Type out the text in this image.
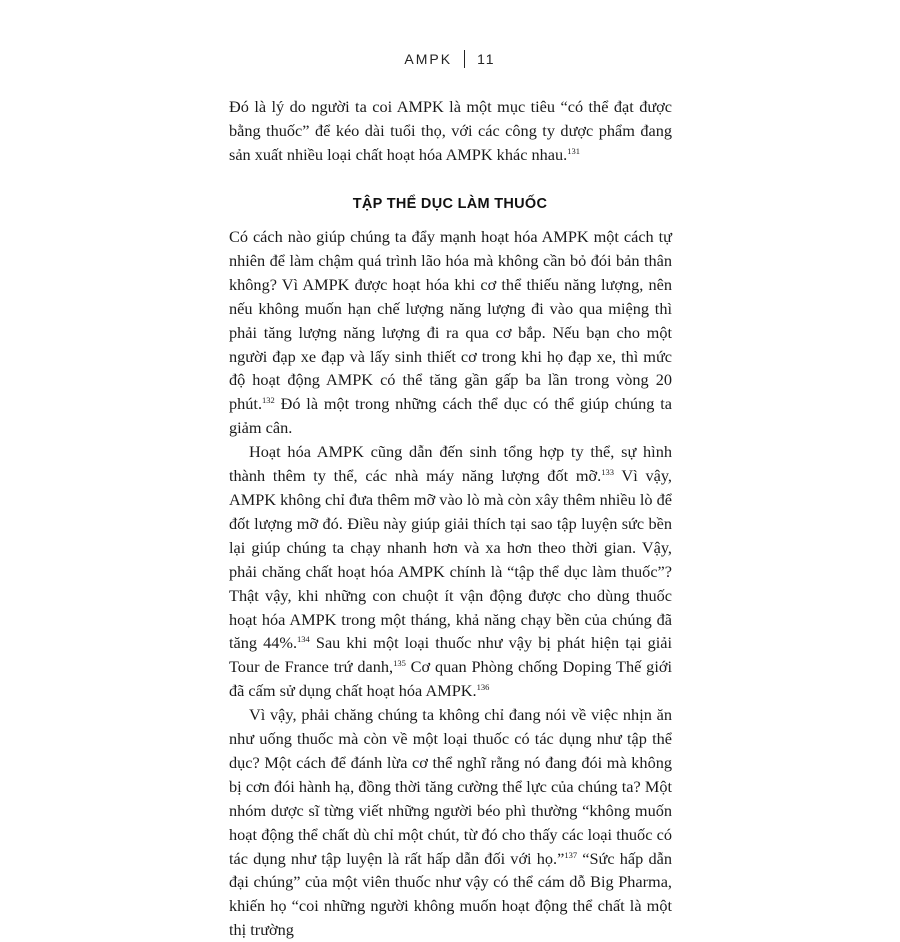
AMPK 11

Đó là lý do người ta coi AMPK là một mục tiêu “có thể đạt được bằng thuốc” để kéo dài tuổi thọ, với các công ty dược phẩm đang sản xuất nhiều loại chất hoạt hóa AMPK khác nhau.$^{131}$

TẬP THỂ DỤC LÀM THUỐC

Có cách nào giúp chúng ta đẩy mạnh hoạt hóa AMPK một cách tự nhiên để làm chậm quá trình lão hóa mà không cần bỏ đói bản thân không? Vì AMPK được hoạt hóa khi cơ thể thiếu năng lượng, nên nếu không muốn hạn chế lượng năng lượng đi vào qua miệng thì phải tăng lượng năng lượng đi ra qua cơ bắp. Nếu bạn cho một người đạp xe đạp và lấy sinh thiết cơ trong khi họ đạp xe, thì mức độ hoạt động AMPK có thể tăng gần gấp ba lần trong vòng 20 phút.$^{132}$ Đó là một trong những cách thể dục có thể giúp chúng ta giảm cân.

Hoạt hóa AMPK cũng dẫn đến sinh tổng hợp ty thể, sự hình thành thêm ty thể, các nhà máy năng lượng đốt mỡ.$^{133}$ Vì vậy, AMPK không chỉ đưa thêm mỡ vào lò mà còn xây thêm nhiều lò để đốt lượng mỡ đó. Điều này giúp giải thích tại sao tập luyện sức bền lại giúp chúng ta chạy nhanh hơn và xa hơn theo thời gian. Vậy, phải chăng chất hoạt hóa AMPK chính là “tập thể dục làm thuốc”? Thật vậy, khi những con chuột ít vận động được cho dùng thuốc hoạt hóa AMPK trong một tháng, khả năng chạy bền của chúng đã tăng 44%.$^{134}$ Sau khi một loại thuốc như vậy bị phát hiện tại giải Tour de France trứ danh,$^{135}$ Cơ quan Phòng chống Doping Thế giới đã cấm sử dụng chất hoạt hóa AMPK.$^{136}$

Vì vậy, phải chăng chúng ta không chỉ đang nói về việc nhịn ăn như uống thuốc mà còn về một loại thuốc có tác dụng như tập thể dục? Một cách để đánh lừa cơ thể nghĩ rằng nó đang đói mà không bị cơn đói hành hạ, đồng thời tăng cường thể lực của chúng ta? Một nhóm dược sĩ từng viết những người béo phì thường “không muốn hoạt động thể chất dù chỉ một chút, từ đó cho thấy các loại thuốc có tác dụng như tập luyện là rất hấp dẫn đối với họ.”$^{137}$ “Sức hấp dẫn đại chúng” của một viên thuốc như vậy có thể cám dỗ Big Pharma, khiến họ “coi những người không muốn hoạt động thể chất là một thị trường
